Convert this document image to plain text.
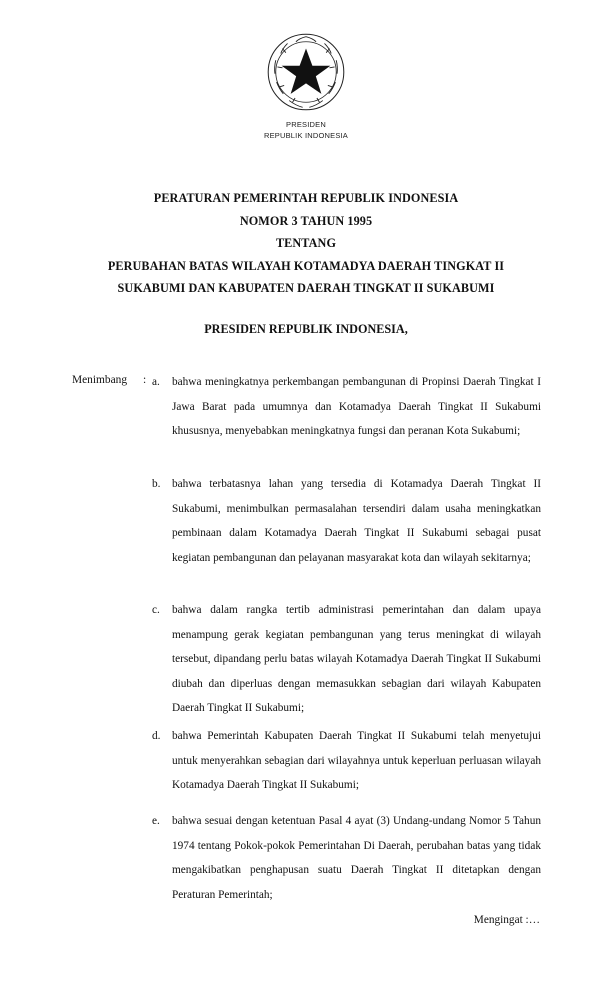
PRESIDEN
REPUBLIK INDONESIA
PERATURAN PEMERINTAH REPUBLIK INDONESIA
NOMOR 3 TAHUN 1995
TENTANG
PERUBAHAN BATAS WILAYAH KOTAMADYA DAERAH TINGKAT II
SUKABUMI DAN KABUPATEN DAERAH TINGKAT II SUKABUMI
PRESIDEN REPUBLIK INDONESIA,
Menimbang : a.	bahwa meningkatnya perkembangan pembangunan di Propinsi Daerah Tingkat I Jawa Barat pada umumnya dan Kotamadya Daerah Tingkat II Sukabumi khususnya, menyebabkan meningkatnya fungsi dan peranan Kota Sukabumi;
b.	bahwa terbatasnya lahan yang tersedia di Kotamadya Daerah Tingkat II Sukabumi, menimbulkan permasalahan tersendiri dalam usaha meningkatkan pembinaan dalam Kotamadya Daerah Tingkat II Sukabumi sebagai pusat kegiatan pembangunan dan pelayanan masyarakat kota dan wilayah sekitarnya;
c.	bahwa dalam rangka tertib administrasi pemerintahan dan dalam upaya menampung gerak kegiatan pembangunan yang terus meningkat di wilayah tersebut, dipandang perlu batas wilayah Kotamadya Daerah Tingkat II Sukabumi diubah dan diperluas dengan memasukkan sebagian dari wilayah Kabupaten Daerah Tingkat II Sukabumi;
d.	bahwa Pemerintah Kabupaten Daerah Tingkat II Sukabumi telah menyetujui untuk menyerahkan sebagian dari wilayahnya untuk keperluan perluasan wilayah Kotamadya Daerah Tingkat II Sukabumi;
e.	bahwa sesuai dengan ketentuan Pasal 4 ayat (3) Undang-undang Nomor 5 Tahun 1974 tentang Pokok-pokok Pemerintahan Di Daerah, perubahan batas yang tidak mengakibatkan penghapusan suatu Daerah Tingkat II ditetapkan dengan Peraturan Pemerintah;
Mengingat :…
